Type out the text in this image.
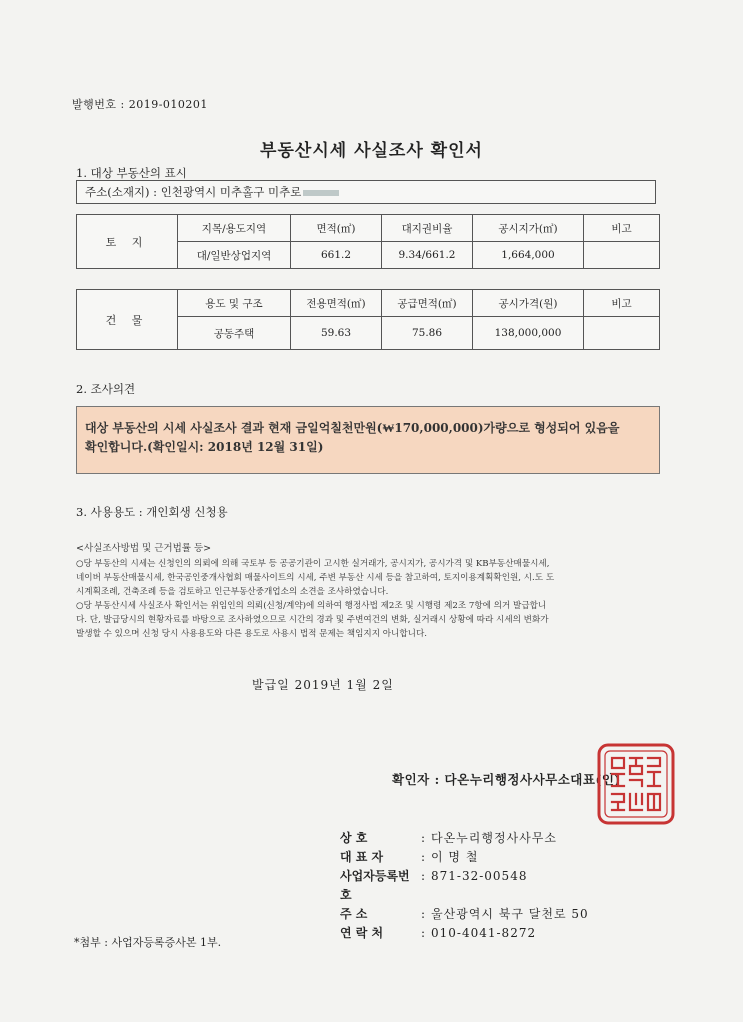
발행번호 : 2019-010201
부동산시세 사실조사 확인서
1. 대상 부동산의 표시
주소(소재지) : 인천광역시 미추홀구 미추로
토 지	지목/용도지역	면적(㎡)	대지권비율	공시지가(㎡)	비고
	대/일반상업지역	661.2	9.34/661.2	1,664,000	
건 물	용도 및 구조	전용면적(㎡)	공급면적(㎡)	공시가격(원)	비고
	공동주택	59.63	75.86	138,000,000	
2. 조사의견
대상 부동산의 시세 사실조사 결과 현재 금일억칠천만원(₩170,000,000)가량으로 형성되어 있음을
확인합니다.(확인일시: 2018년 12월 31일)
3. 사용용도 : 개인회생 신청용
<사실조사방법 및 근거법률 등>

○당 부동산의 시세는 신청인의 의뢰에 의해 국토부 등 공공기관이 고시한 실거래가, 공시지가, 공시가격 및 KB부동산매물시세,

네이버 부동산매물시세, 한국공인중개사협회 매물사이트의 시세, 주변 부동산 시세 등을 참고하여, 토지이용계획확인원, 시.도 도

시계획조례, 건축조례 등을 검토하고 인근부동산중개업소의 소견을 조사하였습니다.

○당 부동산시세 사실조사 확인서는 위임인의 의뢰(신청/계약)에 의하여 행정사법 제2조 및 시행령 제2조 7항에 의거 발급합니

다. 단, 발급당시의 현황자료를 바탕으로 조사하였으므로 시간의 경과 및 주변여건의 변화, 실거래시 상황에 따라 시세의 변화가

발생할 수 있으며 신청 당시 사용용도와 다른 용도로 사용시 법적 문제는 책임지지 아니합니다.

발급일 2019년 1월 2일
확인자 : 다온누리행정사사무소대표(인)
상 호	: 다온누리행정사사무소
대 표 자	: 이 명 철
사업자등록번호
: 871-32-00548
주 소	: 울산광역시 북구 달천로 50
연 락 처	: 010-4041-8272
*첨부 : 사업자등록증사본 1부.
